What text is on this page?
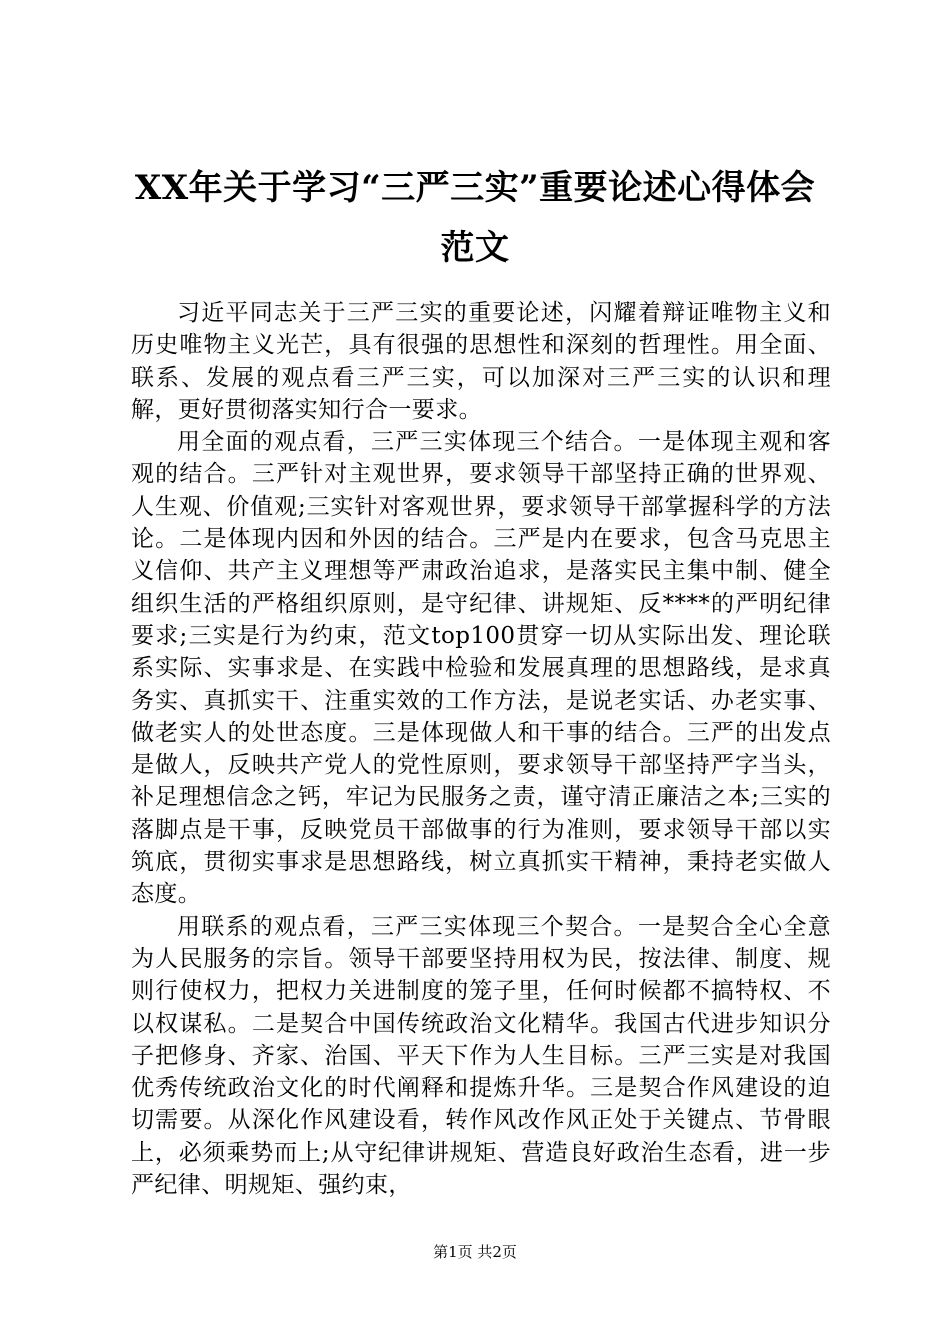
XX年关于学习“三严三实”重要论述心得体会范文

习近平同志关于三严三实的重要论述，闪耀着辩证唯物主义和历史唯物主义光芒，具有很强的思想性和深刻的哲理性。用全面、联系、发展的观点看三严三实，可以加深对三严三实的认识和理解，更好贯彻落实知行合一要求。

用全面的观点看，三严三实体现三个结合。一是体现主观和客观的结合。三严针对主观世界，要求领导干部坚持正确的世界观、人生观、价值观;三实针对客观世界，要求领导干部掌握科学的方法论。二是体现内因和外因的结合。三严是内在要求，包含马克思主义信仰、共产主义理想等严肃政治追求，是落实民主集中制、健全组织生活的严格组织原则，是守纪律、讲规矩、反****的严明纪律要求;三实是行为约束，范文top100贯穿一切从实际出发、理论联系实际、实事求是、在实践中检验和发展真理的思想路线，是求真务实、真抓实干、注重实效的工作方法，是说老实话、办老实事、做老实人的处世态度。三是体现做人和干事的结合。三严的出发点是做人，反映共产党人的党性原则，要求领导干部坚持严字当头，补足理想信念之钙，牢记为民服务之责，谨守清正廉洁之本;三实的落脚点是干事，反映党员干部做事的行为准则，要求领导干部以实筑底，贯彻实事求是思想路线，树立真抓实干精神，秉持老实做人态度。

用联系的观点看，三严三实体现三个契合。一是契合全心全意为人民服务的宗旨。领导干部要坚持用权为民，按法律、制度、规则行使权力，把权力关进制度的笼子里，任何时候都不搞特权、不以权谋私。二是契合中国传统政治文化精华。我国古代进步知识分子把修身、齐家、治国、平天下作为人生目标。三严三实是对我国优秀传统政治文化的时代阐释和提炼升华。三是契合作风建设的迫切需要。从深化作风建设看，转作风改作风正处于关键点、节骨眼上，必须乘势而上;从守纪律讲规矩、营造良好政治生态看，进一步严纪律、明规矩、强约束，

第1页 共2页
